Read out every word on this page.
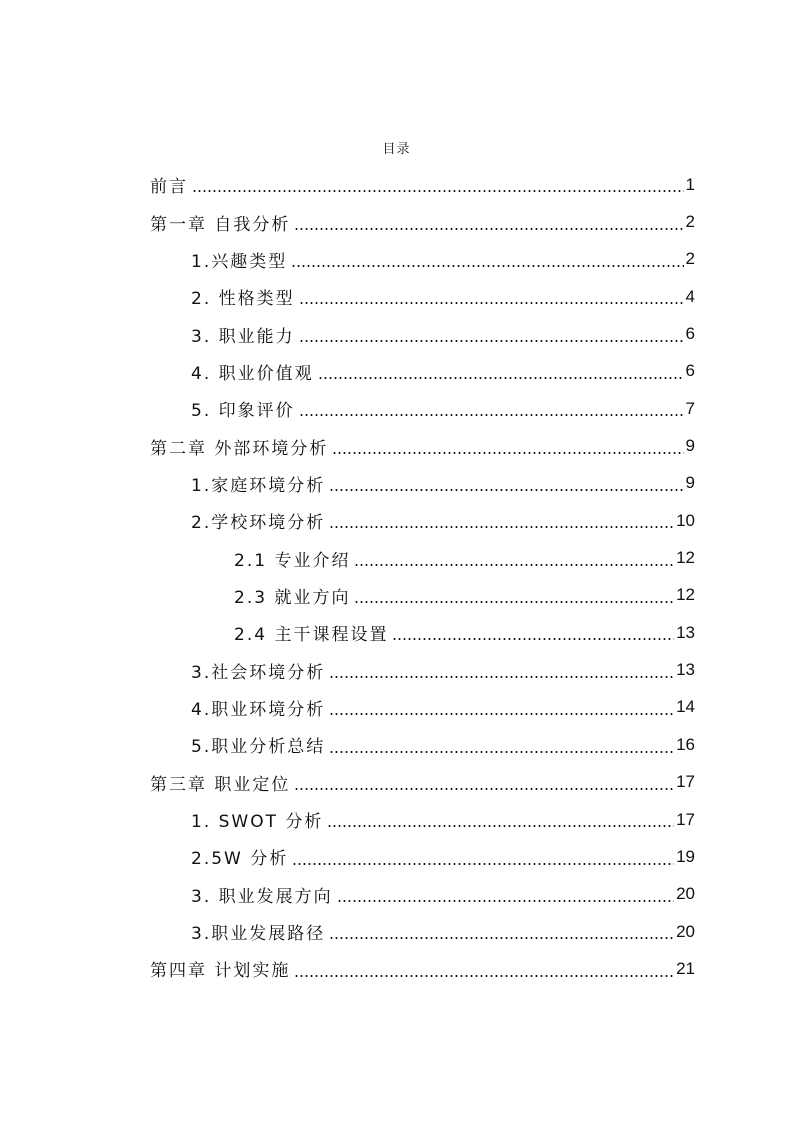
目录
前言	1
第一章 自我分析	2
1.兴趣类型	2
2. 性格类型	4
3. 职业能力	6
4. 职业价值观	6
5. 印象评价	7
第二章 外部环境分析	9
1.家庭环境分析	9
2.学校环境分析	10
2.1 专业介绍	12
2.3 就业方向	12
2.4 主干课程设置	13
3.社会环境分析	13
4.职业环境分析	14
5.职业分析总结	16
第三章 职业定位	17
1. SWOT 分析	17
2.5W 分析	19
3. 职业发展方向	20
3.职业发展路径	20
第四章 计划实施	21
